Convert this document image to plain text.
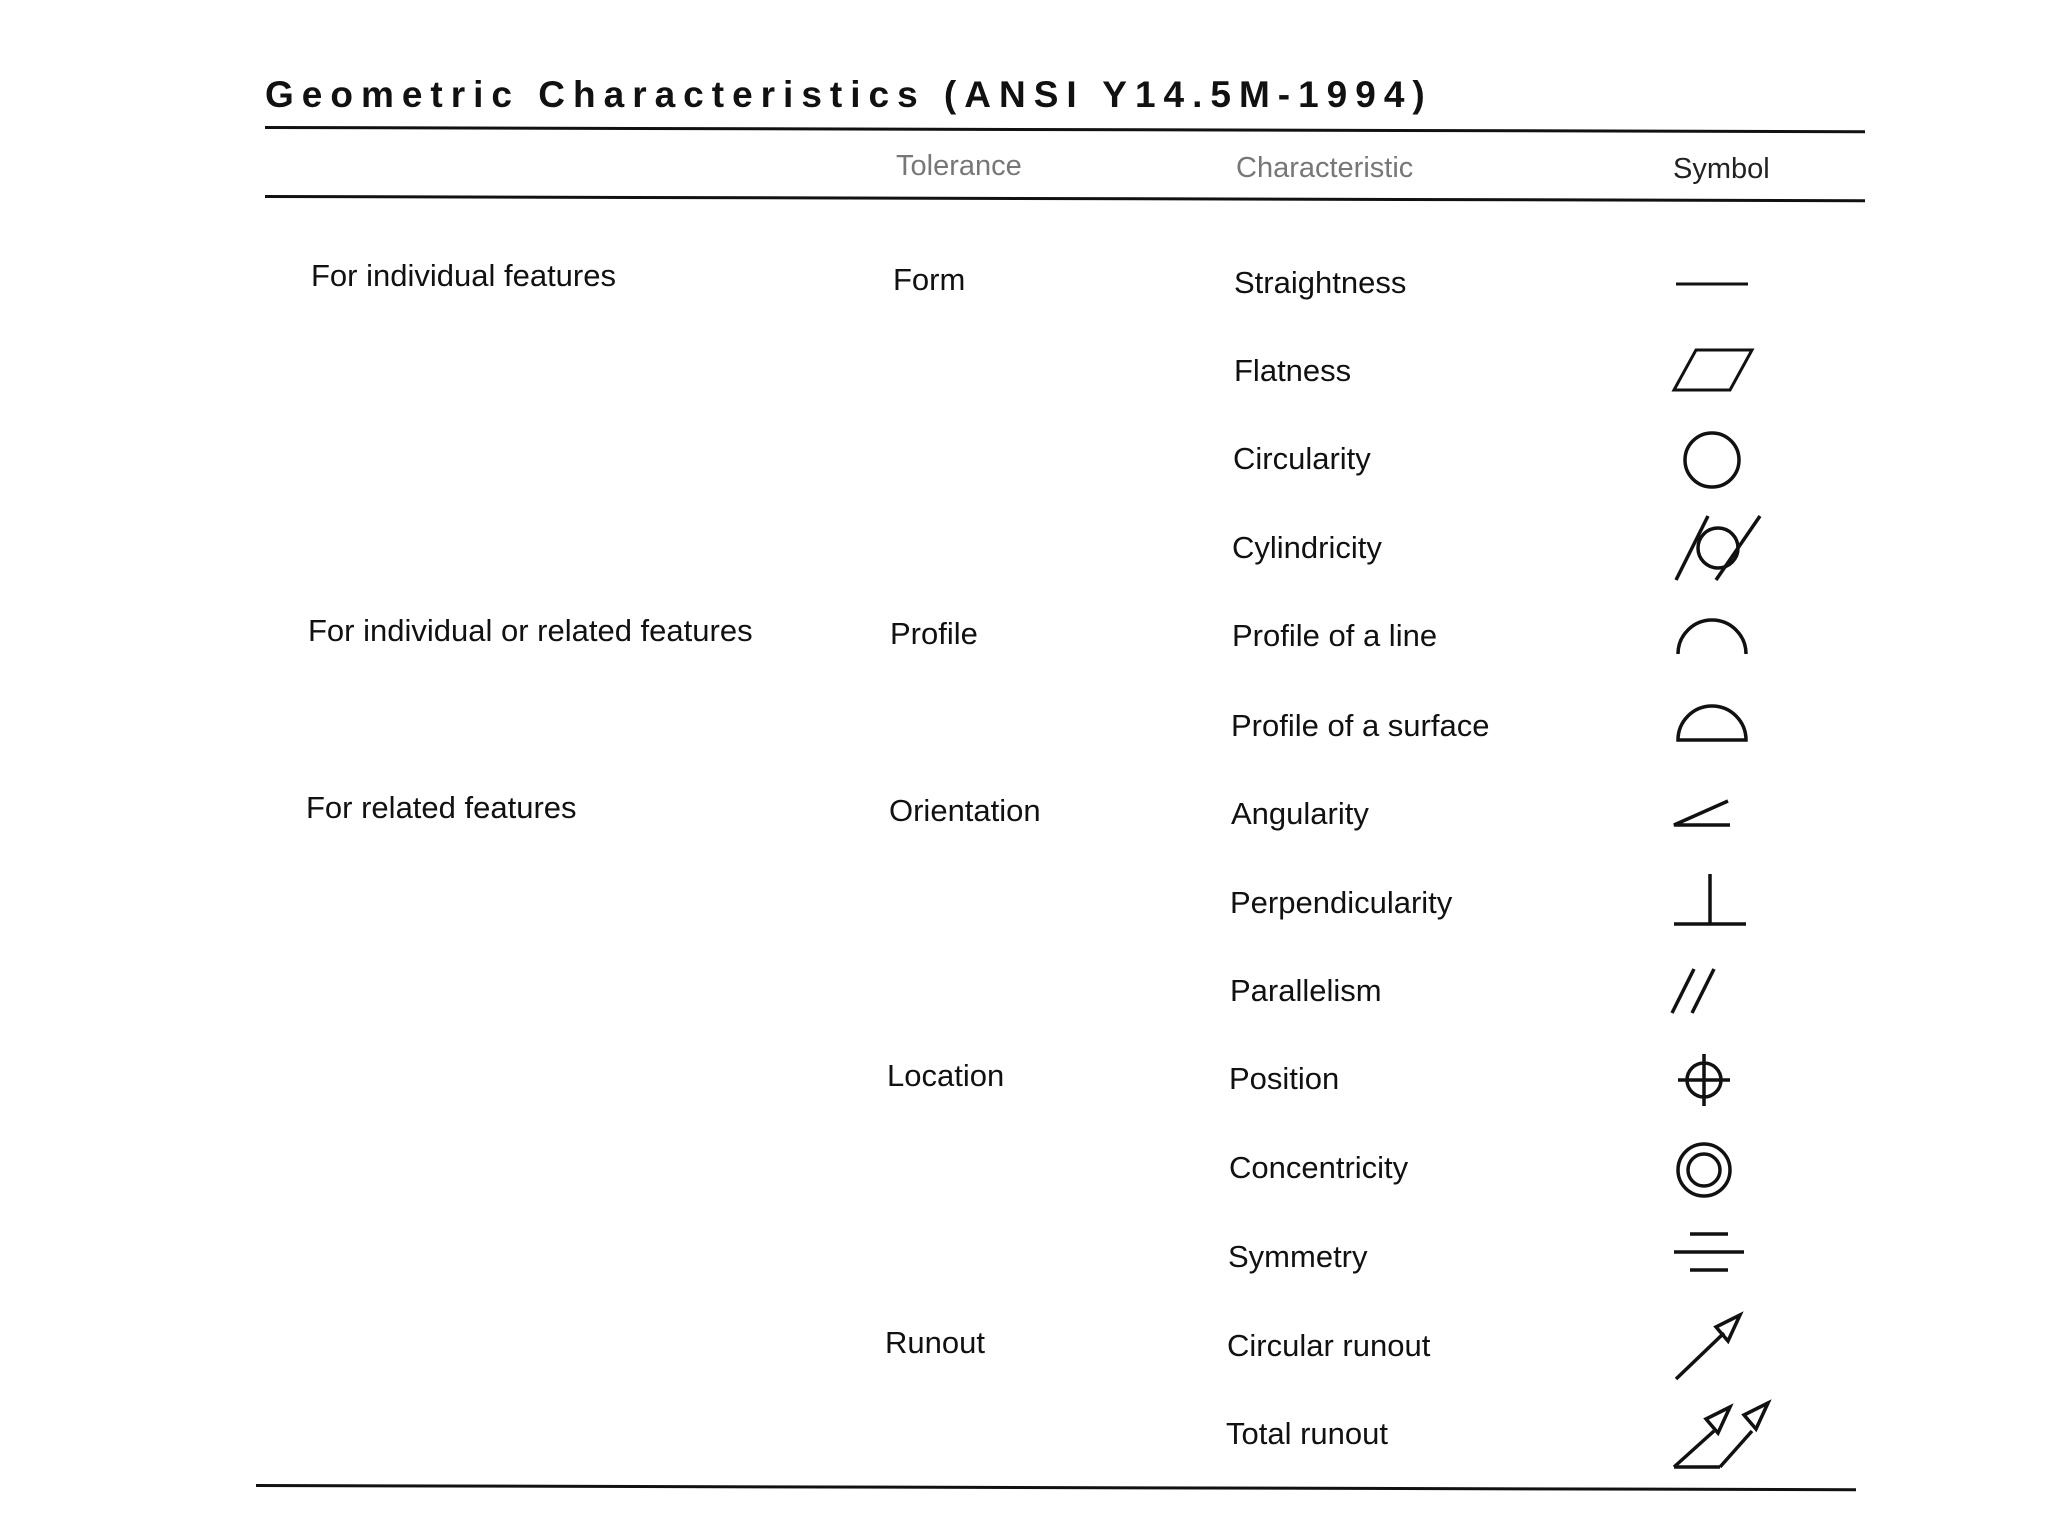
Geometric Characteristics (ANSI Y14.5M-1994)
Tolerance	Characteristic	Symbol
For individual features
For individual or related features
For related features
Form
Profile
Orientation
Location
Runout
Straightness
Flatness
Circularity
Cylindricity
Profile of a line
Profile of a surface
Angularity
Perpendicularity
Parallelism
Position
Concentricity
Symmetry
Circular runout
Total runout
